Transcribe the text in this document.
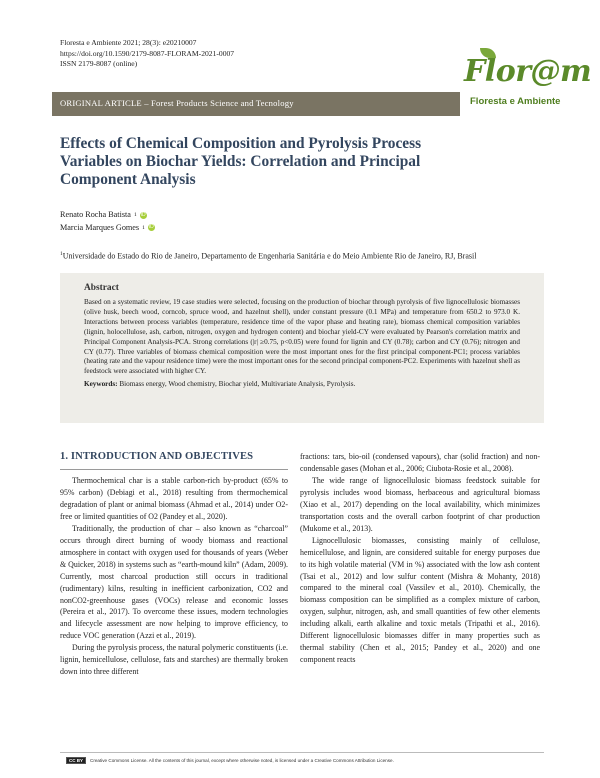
Floresta e Ambiente 2021; 28(3): e20210007
https://doi.org/10.1590/2179-8087-FLORAM-2021-0007
ISSN 2179-8087 (online)	Flor@m
Floresta e Ambiente
ORIGINAL ARTICLE – Forest Products Science and Tecnology
Effects of Chemical Composition and Pyrolysis Process Variables on Biochar Yields: Correlation and Principal Component Analysis
Renato Rocha Batista 1 iD
Marcia Marques Gomes 1 iD
$^1$Universidade do Estado do Rio de Janeiro, Departamento de Engenharia Sanitária e do Meio Ambiente Rio de Janeiro, RJ, Brasil
Abstract

Based on a systematic review, 19 case studies were selected, focusing on the production of biochar through pyrolysis of five lignocellulosic biomasses (olive husk, beech wood, corncob, spruce wood, and hazelnut shell), under constant pressure (0.1 MPa) and temperature from 650.2 to 973.0 K. Interactions between process variables (temperature, residence time of the vapor phase and heating rate), biomass chemical composition variables (lignin, holocellulose, ash, carbon, nitrogen, oxygen and hydrogen content) and biochar yield-CY were evaluated by Pearson's correlation matrix and Principal Component Analysis-PCA. Strong correlations (|r| ≥0.75, p<0.05) were found for lignin and CY (0.78); carbon and CY (0.76); nitrogen and CY (0.77). Three variables of biomass chemical composition were the most important ones for the first principal component-PC1; process variables (heating rate and the vapour residence time) were the most important ones for the second principal component-PC2. Experiments with hazelnut shell as feedstock were associated with higher CY.

Keywords: Biomass energy, Wood chemistry, Biochar yield, Multivariate Analysis, Pyrolysis.
1. INTRODUCTION AND OBJECTIVES

Thermochemical char is a stable carbon-rich by-product (65% to 95% carbon) (Debiagi et al., 2018) resulting from thermochemical degradation of plant or animal biomass (Ahmad et al., 2014) under O2-free or limited quantities of O2 (Pandey et al., 2020).

Traditionally, the production of char – also known as “charcoal” occurs through direct burning of woody biomass and reactional atmosphere in contact with oxygen used for thousands of years (Weber & Quicker, 2018) in systems such as “earth-mound kiln” (Adam, 2009). Currently, most charcoal production still occurs in traditional (rudimentary) kilns, resulting in inefficient carbonization, CO2 and nonCO2-greenhouse gases (VOCs) release and economic losses (Pereira et al., 2017). To overcome these issues, modern technologies and lifecycle assessment are now helping to improve efficiency, to reduce VOC generation (Azzi et al., 2019).

During the pyrolysis process, the natural polymeric constituents (i.e. lignin, hemicellulose, cellulose, fats and starches) are thermally broken down into three different

fractions: tars, bio-oil (condensed vapours), char (solid fraction) and non-condensable gases (Mohan et al., 2006; Ciubota-Rosie et al., 2008).

The wide range of lignocellulosic biomass feedstock suitable for pyrolysis includes wood biomass, herbaceous and agricultural biomass (Xiao et al., 2017) depending on the local availability, which minimizes transportation costs and the overall carbon footprint of char production (Mukome et al., 2013).

Lignocellulosic biomasses, consisting mainly of cellulose, hemicellulose, and lignin, are considered suitable for energy purposes due to its high volatile material (VM in %) associated with the low ash content (Tsai et al., 2012) and low sulfur content (Mishra & Mohanty, 2018) compared to the mineral coal (Vassilev et al., 2010). Chemically, the biomass composition can be simplified as a complex mixture of carbon, oxygen, sulphur, nitrogen, ash, and small quantities of few other elements including alkali, earth alkaline and toxic metals (Tripathi et al., 2016). Different lignocellulosic biomasses differ in many properties such as thermal stability (Chen et al., 2015; Pandey et al., 2020) and one component reacts

CC BY	Creative Commons License. All the contents of this journal, except where otherwise noted, is licensed under a Creative Commons Attribution License.
